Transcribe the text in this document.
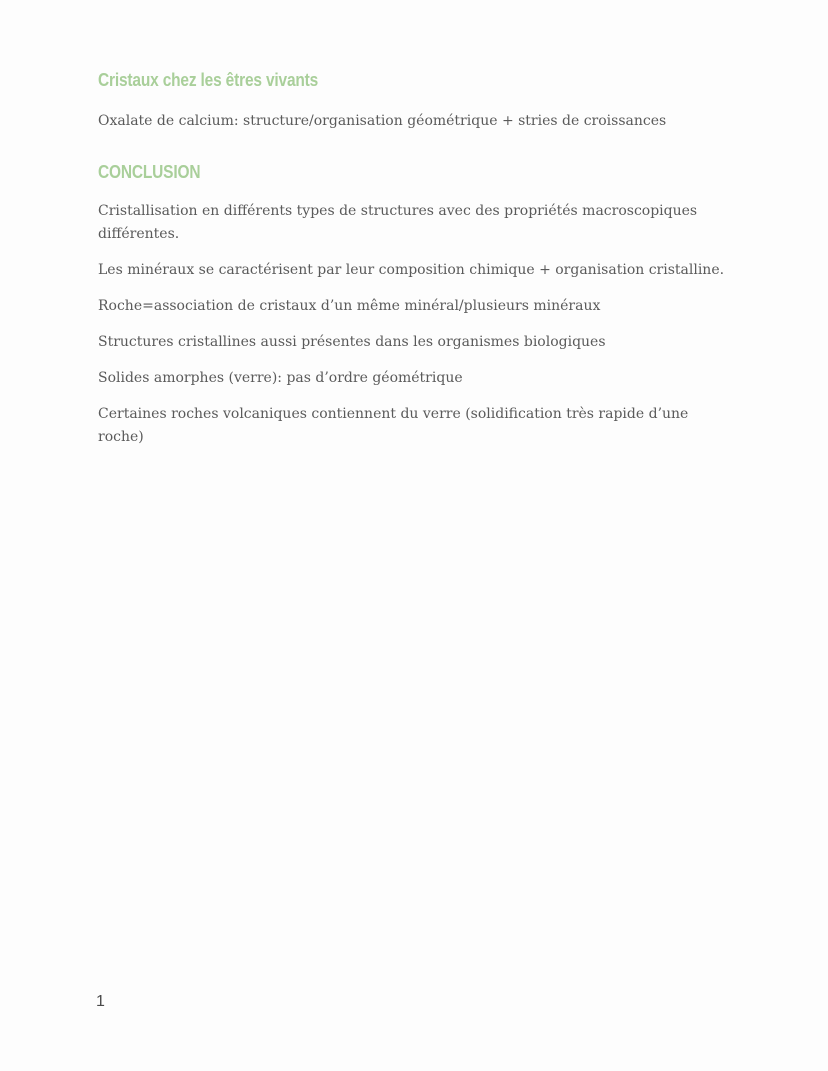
Cristaux chez les êtres vivants

Oxalate de calcium: structure/organisation géométrique + stries de croissances

CONCLUSION

Cristallisation en différents types de structures avec des propriétés macroscopiques différentes.

Les minéraux se caractérisent par leur composition chimique + organisation cristalline.

Roche=association de cristaux d’un même minéral/plusieurs minéraux

Structures cristallines aussi présentes dans les organismes biologiques

Solides amorphes (verre): pas d’ordre géométrique

Certaines roches volcaniques contiennent du verre (solidification très rapide d’une roche)

1
